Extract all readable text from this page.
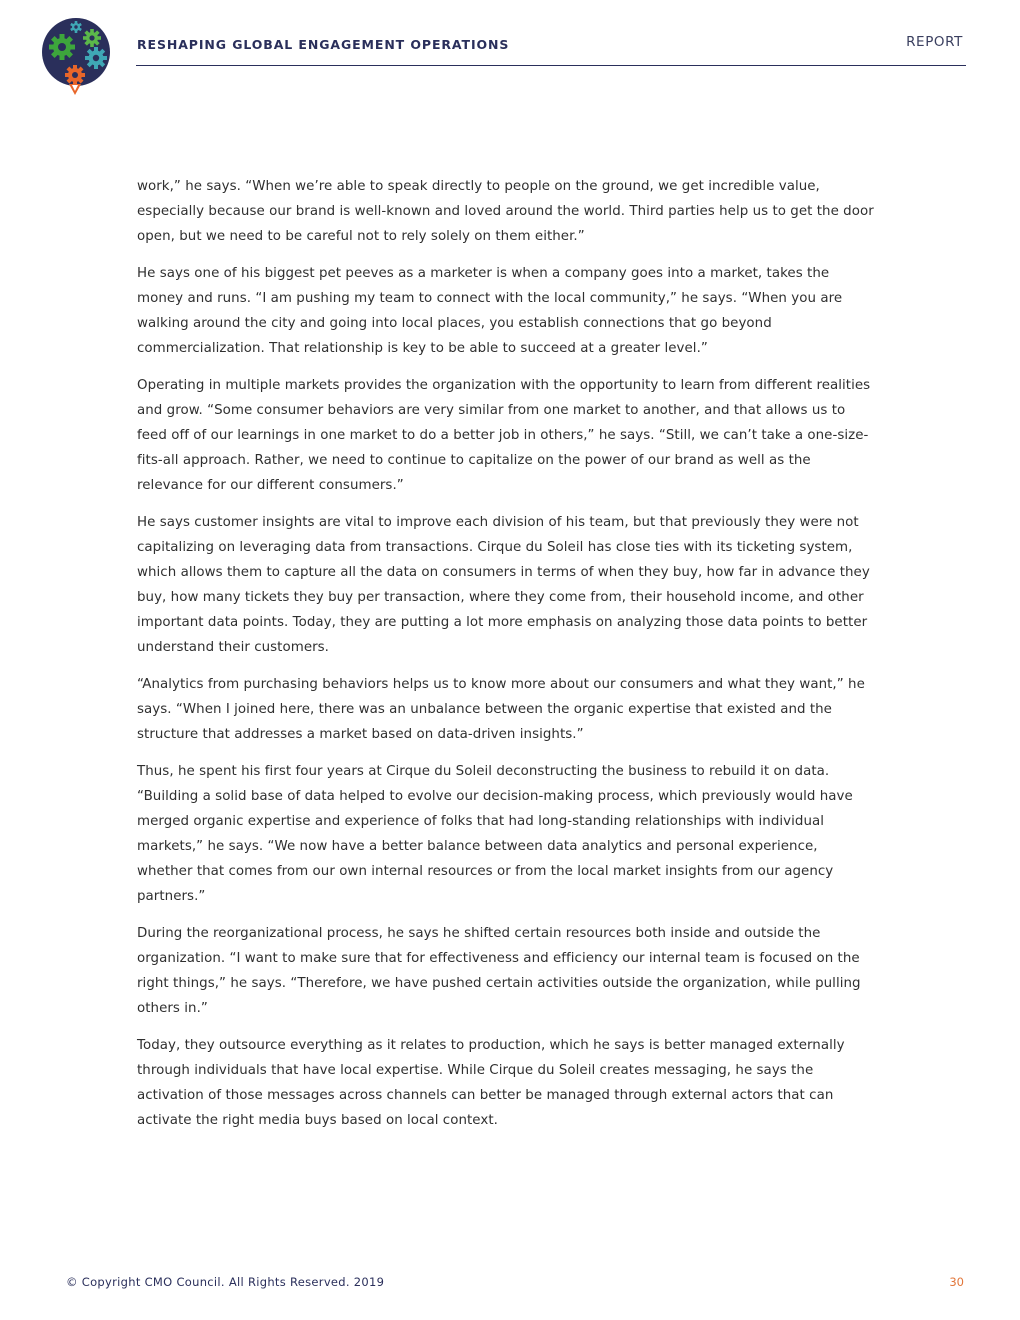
RESHAPING GLOBAL ENGAGEMENT OPERATIONS	REPORT

work,” he says. “When we’re able to speak directly to people on the ground, we get incredible value, especially because our brand is well-known and loved around the world. Third parties help us to get the door open, but we need to be careful not to rely solely on them either.”

He says one of his biggest pet peeves as a marketer is when a company goes into a market, takes the money and runs. “I am pushing my team to connect with the local community,” he says. “When you are walking around the city and going into local places, you establish connections that go beyond commercialization. That relationship is key to be able to succeed at a greater level.”

Operating in multiple markets provides the organization with the opportunity to learn from different realities and grow. “Some consumer behaviors are very similar from one market to another, and that allows us to feed off of our learnings in one market to do a better job in others,” he says. “Still, we can’t take a one-size-fits-all approach. Rather, we need to continue to capitalize on the power of our brand as well as the relevance for our different consumers.”

He says customer insights are vital to improve each division of his team, but that previously they were not capitalizing on leveraging data from transactions. Cirque du Soleil has close ties with its ticketing system, which allows them to capture all the data on consumers in terms of when they buy, how far in advance they buy, how many tickets they buy per transaction, where they come from, their household income, and other important data points. Today, they are putting a lot more emphasis on analyzing those data points to better understand their customers.

“Analytics from purchasing behaviors helps us to know more about our consumers and what they want,” he says. “When I joined here, there was an unbalance between the organic expertise that existed and the structure that addresses a market based on data-driven insights.”

Thus, he spent his first four years at Cirque du Soleil deconstructing the business to rebuild it on data. “Building a solid base of data helped to evolve our decision-making process, which previously would have merged organic expertise and experience of folks that had long-standing relationships with individual markets,” he says. “We now have a better balance between data analytics and personal experience, whether that comes from our own internal resources or from the local market insights from our agency partners.”

During the reorganizational process, he says he shifted certain resources both inside and outside the organization. “I want to make sure that for effectiveness and efficiency our internal team is focused on the right things,” he says. “Therefore, we have pushed certain activities outside the organization, while pulling others in.”

Today, they outsource everything as it relates to production, which he says is better managed externally through individuals that have local expertise. While Cirque du Soleil creates messaging, he says the activation of those messages across channels can better be managed through external actors that can activate the right media buys based on local context.

© Copyright CMO Council. All Rights Reserved. 2019	30
